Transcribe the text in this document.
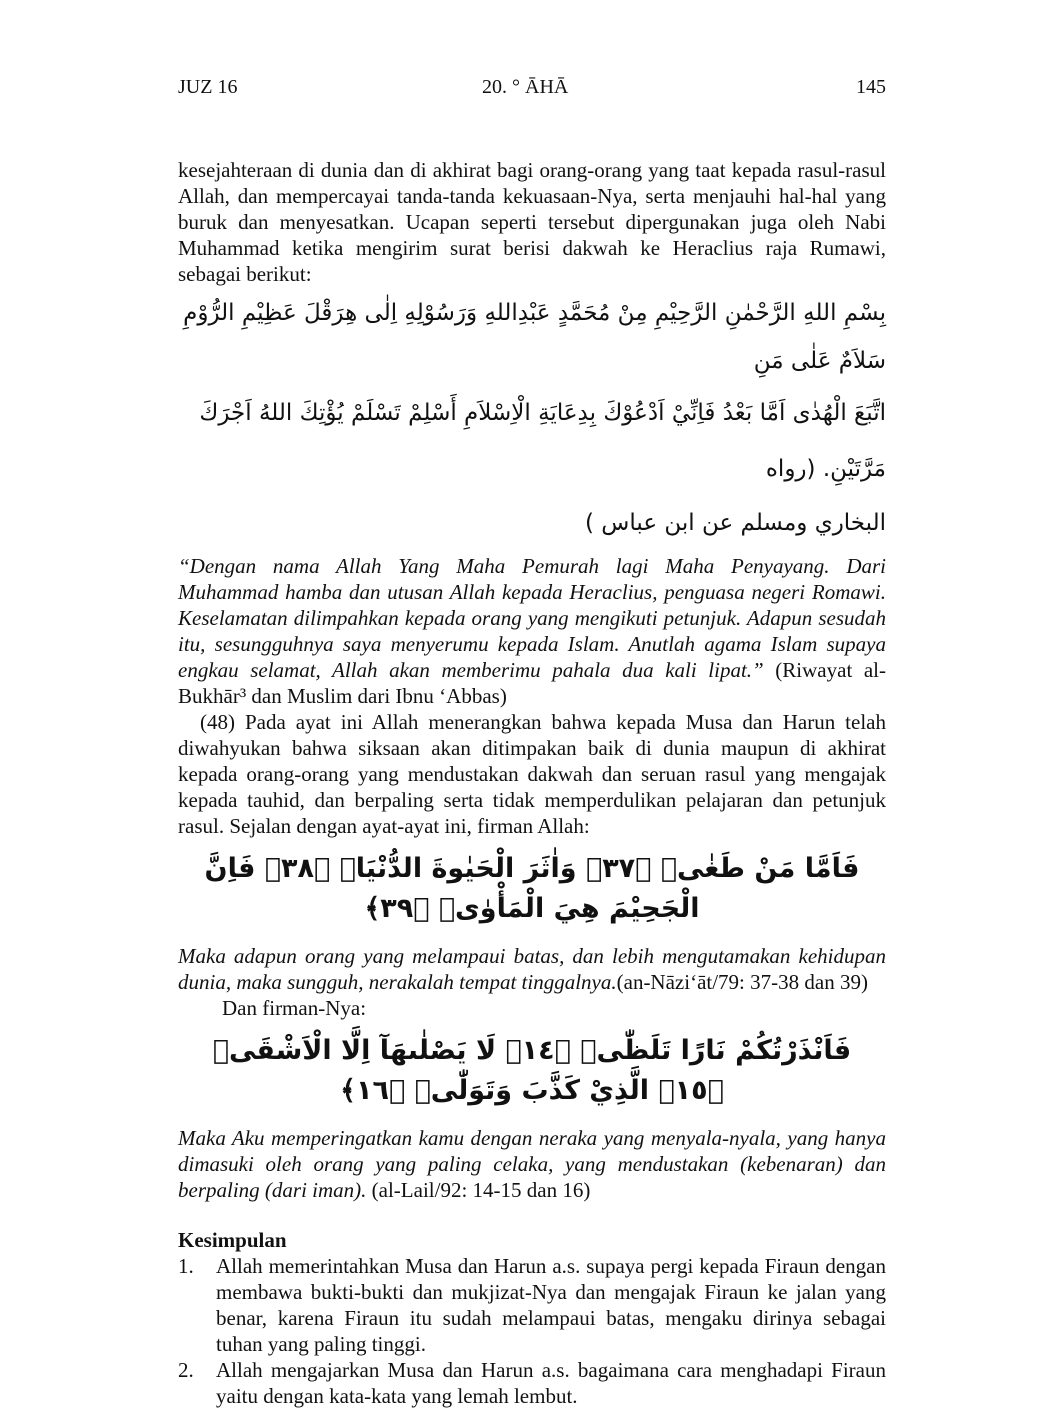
JUZ 16	20. ° ĀHĀ	145

kesejahteraan di dunia dan di akhirat bagi orang-orang yang taat kepada rasul-rasul Allah, dan mempercayai tanda-tanda kekuasaan-Nya, serta menjauhi hal-hal yang buruk dan menyesatkan. Ucapan seperti tersebut dipergunakan juga oleh Nabi Muhammad ketika mengirim surat berisi dakwah ke Heraclius raja Rumawi, sebagai berikut:

بِسْمِ اللهِ الرَّحْمٰنِ الرَّحِيْمِ مِنْ مُحَمَّدٍ عَبْدِاللهِ وَرَسُوْلِهِ اِلٰى هِرَقْلَ عَظِيْمِ الرُّوْمِ سَلاَمٌ عَلٰى مَنِ

اتَّبَعَ الْهُدٰى اَمَّا بَعْدُ فَاِنِّيْ اَدْعُوْكَ بِدِعَايَةِ الْاِسْلاَمِ أَسْلِمْ تَسْلَمْ يُؤْتِكَ اللهُ اَجْرَكَ مَرَّتَيْنِ. (رواه

البخاري ومسلم عن ابن عباس )

“Dengan nama Allah Yang Maha Pemurah lagi Maha Penyayang. Dari Muhammad hamba dan utusan Allah kepada Heraclius, penguasa negeri Romawi. Keselamatan dilimpahkan kepada orang yang mengikuti petunjuk. Adapun sesudah itu, sesungguhnya saya menyerumu kepada Islam. Anutlah agama Islam supaya engkau selamat, Allah akan memberimu pahala dua kali lipat.” (Riwayat al-Bukhār³ dan Muslim dari Ibnu ‘Abbas)

(48) Pada ayat ini Allah menerangkan bahwa kepada Musa dan Harun telah diwahyukan bahwa siksaan akan ditimpakan baik di dunia maupun di akhirat kepada orang-orang yang mendustakan dakwah dan seruan rasul yang mengajak kepada tauhid, dan berpaling serta tidak memperdulikan pelajaran dan petunjuk rasul. Sejalan dengan ayat-ayat ini, firman Allah:

فَاَمَّا مَنْ طَغٰىۙ ﴿٣٧﴾ وَاٰثَرَ الْحَيٰوةَ الدُّنْيَاۙ ﴿٣٨﴾ فَاِنَّ الْجَحِيْمَ هِيَ الْمَأْوٰىۗ ﴿٣٩﴾

Maka adapun orang yang melampaui batas, dan lebih mengutamakan kehidupan dunia, maka sungguh, nerakalah tempat tinggalnya.(an-Nāzi‘āt/79: 37-38 dan 39)

Dan firman-Nya:

فَاَنْذَرْتُكُمْ نَارًا تَلَظّٰىۚ ﴿١٤﴾ لَا يَصْلٰىهَآ اِلَّا الْاَشْقَىۙ ﴿١٥﴾ الَّذِيْ كَذَّبَ وَتَوَلّٰىۗ ﴿١٦﴾

Maka Aku memperingatkan kamu dengan neraka yang menyala-nyala, yang hanya dimasuki oleh orang yang paling celaka, yang mendustakan (kebenaran) dan berpaling (dari iman). (al-Lail/92: 14-15 dan 16)

Kesimpulan

1. Allah memerintahkan Musa dan Harun a.s. supaya pergi kepada Firaun dengan membawa bukti-bukti dan mukjizat-Nya dan mengajak Firaun ke jalan yang benar, karena Firaun itu sudah melampaui batas, mengaku dirinya sebagai tuhan yang paling tinggi.
2. Allah mengajarkan Musa dan Harun a.s. bagaimana cara menghadapi Firaun yaitu dengan kata-kata yang lemah lembut.
